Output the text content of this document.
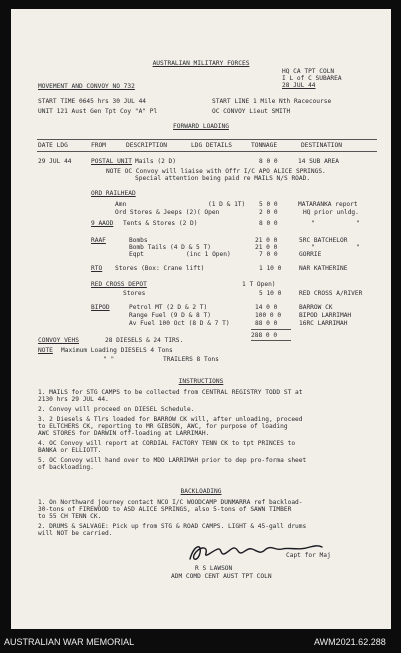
AUSTRALIAN MILITARY FORCES
HQ CA TPT COLN
I L of C SUBAREA
28 JUL 44
MOVEMENT AND CONVOY NO 732
START TIME 0645 hrs 30 JUL 44	START LINE 1 Mile Nth Racecourse
UNIT 121 Aust Gen Tpt Coy "A" Pl	OC CONVOY Lieut SMITH
FORWARD LOADING
DATE LDG	FROM	DESCRIPTION	LDG DETAILS	TONNAGE	DESTINATION
29 JUL 44	POSTAL UNIT Mails (2 D)	8 0 0	14 SUB AREA
NOTE OC Convoy will liaise with Offr I/C APO ALICE SPRINGS.
Special attention being paid re MAILS N/S ROAD.
ORD RAILHEAD
Amn	(1 D & 1T) 5 0 0	MATARANKA report
Ord Stores & Jeeps (2)( Open	2 0 0	HQ prior unldg.
9 AAOD Tents & Stores (2 D)	8 0 0	"	"
RAAF	Bombs	21 0 0	5RC BATCHELOR
Bomb Tails (4 D & 5 T)	21 0 0	"	"
Eqpt	(inc 1 Open)	7 0 0	GORRIE
RTO Stores (Box: Crane lift)	1 10 0	NAR KATHERINE
RED CROSS DEPOT	1 T Open)
Stores	5 10 0	RED CROSS A/RIVER
BIPOD	Petrol MT (2 D & 2 T)	14 0 0	BARROW CK
Range Fuel (9 D & 8 T)	100 0 0	BIPOD LARRIMAH
Av Fuel 100 Oct (8 D & 7 T)	88 0 0	16RC LARRIMAH
288 0 0
CONVOY VEHS	28 DIESELS & 24 TIRS.
NOTE Maximum Loading DIESELS 4 Tons
" "	TRAILERS 8 Tons
INSTRUCTIONS
1. MAILS for STG CAMPS to be collected from CENTRAL REGISTRY TODD ST at
2130 hrs 29 JUL 44.
2. Convoy will proceed on DIESEL Schedule.
3. 2 Diesels & Tlrs loaded for BARROW CK will, after unloading, proceed
to ELTCHERS CK, reporting to MR GIBSON, AWC, for purpose of loading
AWC STORES for DARWIN off-loading at LARRIMAH.
4. OC Convoy will report at CORDIAL FACTORY TENN CK to tpt PRINCES to
BANKA or ELLIOTT.
5. OC Convoy will hand over to MDO LARRIMAH prior to dep pro-forma sheet
of backloading.
BACKLOADING
1. On Northward journey contact NCO I/C WOODCAMP DUNMARRA ref backload-
30-tons of FIREWOOD to ASD ALICE SPRINGS, also 5-tons of SAWN TIMBER
to 55 CH TENN CK.
2. DRUMS & SALVAGE: Pick up from STG & ROAD CAMPS. LIGHT & 45-gall drums
will NOT be carried.
Capt for Maj
R S LAWSON
ADM COMD CENT AUST TPT COLN
AUSTRALIAN WAR MEMORIAL	AWM2021.62.288
